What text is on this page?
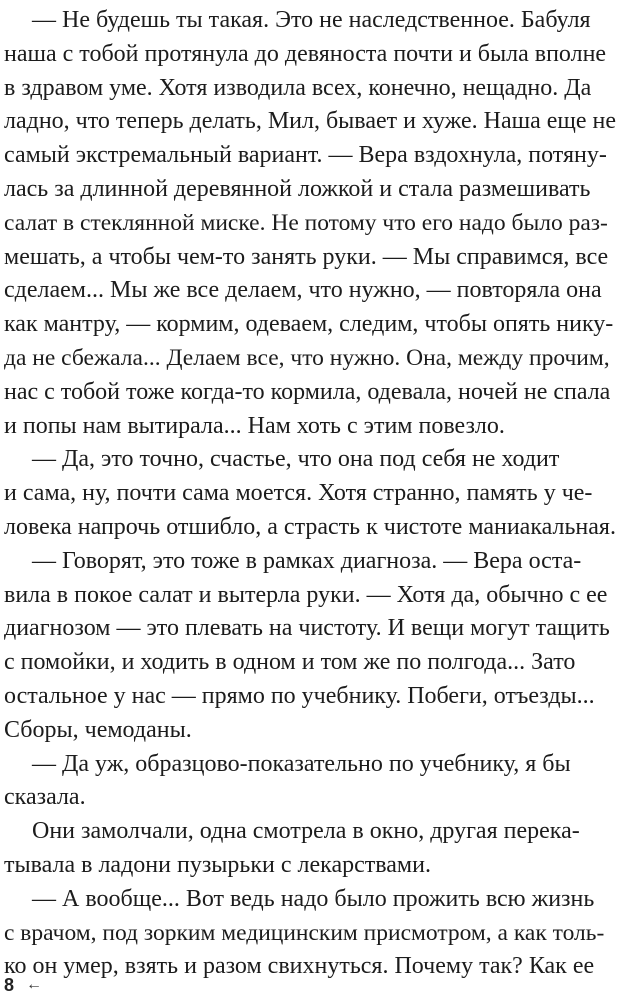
— Не будешь ты такая. Это не наследственное. Бабуля
наша с тобой протянула до девяноста почти и была вполне
в здравом уме. Хотя изводила всех, конечно, нещадно. Да
ладно, что теперь делать, Мил, бывает и хуже. Наша еще не
самый экстремальный вариант. — Вера вздохнула, потяну-
лась за длинной деревянной ложкой и стала размешивать
салат в стеклянной миске. Не потому что его надо было раз-
мешать, а чтобы чем-то занять руки. — Мы справимся, все
сделаем... Мы же все делаем, что нужно, — повторяла она
как мантру, — кормим, одеваем, следим, чтобы опять нику-
да не сбежала... Делаем все, что нужно. Она, между прочим,
нас с тобой тоже когда-то кормила, одевала, ночей не спала
и попы нам вытирала... Нам хоть с этим повезло.
— Да, это точно, счастье, что она под себя не ходит
и сама, ну, почти сама моется. Хотя странно, память у че-
ловека напрочь отшибло, а страсть к чистоте маниакальная.
— Говорят, это тоже в рамках диагноза. — Вера оста-
вила в покое салат и вытерла руки. — Хотя да, обычно с ее
диагнозом — это плевать на чистоту. И вещи могут тащить
с помойки, и ходить в одном и том же по полгода... Зато
остальное у нас — прямо по учебнику. Побеги, отъезды...
Сборы, чемоданы.
— Да уж, образцово-показательно по учебнику, я бы
сказала.
Они замолчали, одна смотрела в окно, другая перека-
тывала в ладони пузырьки с лекарствами.
— А вообще... Вот ведь надо было прожить всю жизнь
с врачом, под зорким медицинским присмотром, а как толь-
ко он умер, взять и разом свихнуться. Почему так? Как ее
8 ←
